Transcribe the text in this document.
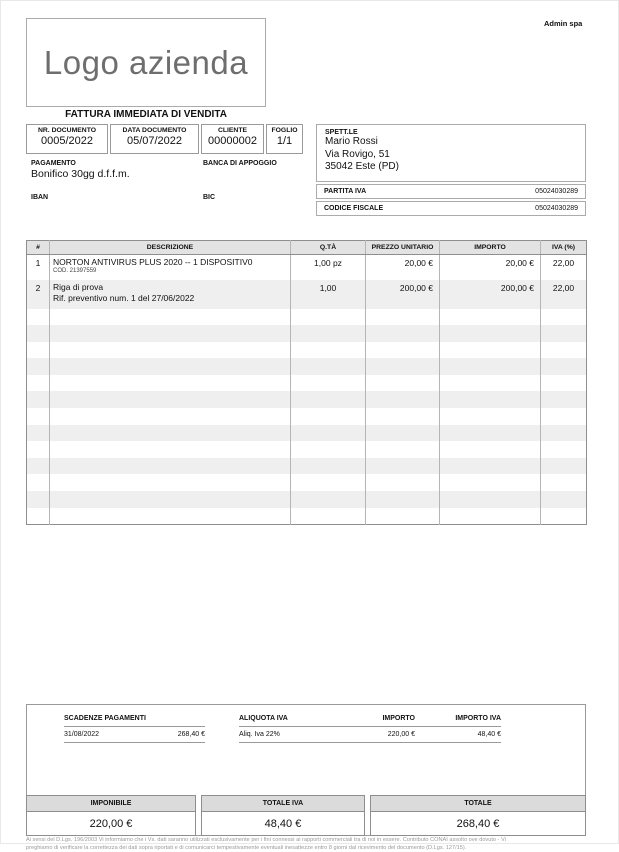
Admin spa
Logo azienda
FATTURA IMMEDIATA DI VENDITA
NR. DOCUMENTO
0005/2022
DATA DOCUMENTO
05/07/2022
CLIENTE
00000002
FOGLIO
1/1
PAGAMENTO
Bonifico 30gg d.f.f.m.
BANCA DI APPOGGIO
IBAN	BIC
SPETT.LE
Mario Rossi
Via Rovigo, 51
35042 Este (PD)
PARTITA IVA	05024030289
CODICE FISCALE	05024030289
#	DESCRIZIONE	Q.TÀ	PREZZO UNITARIO	IMPORTO	IVA (%)
1	NORTON ANTIVIRUS PLUS 2020 -- 1 DISPOSITIV0
COD. 21397559	1,00 pz	20,00 €	20,00 €	22,00
2	Riga di prova
Rif. preventivo num. 1 del 27/06/2022	1,00	200,00 €	200,00 €	22,00

SCADENZE PAGAMENTI
31/08/2022	268,40 €
ALIQUOTA IVA	IMPORTO	IMPORTO IVA
Aliq. Iva 22%	220,00 €	48,40 €
IMPONIBILE
220,00 €
TOTALE IVA
48,40 €
TOTALE
268,40 €
Ai sensi del D.Lgs. 196/2003 Vi informiamo che i Vs. dati saranno utilizzati esclusivamente per i fini connessi ai rapporti commerciali tra di noi in essere. Contributo CONAI assolto ove dovuto - Vi
preghiamo di verificare la correttezza dei dati sopra riportati e di comunicarci tempestivamente eventuali inesattezze entro 8 giorni dal ricevimento del documento (D.Lgs. 127/15).
